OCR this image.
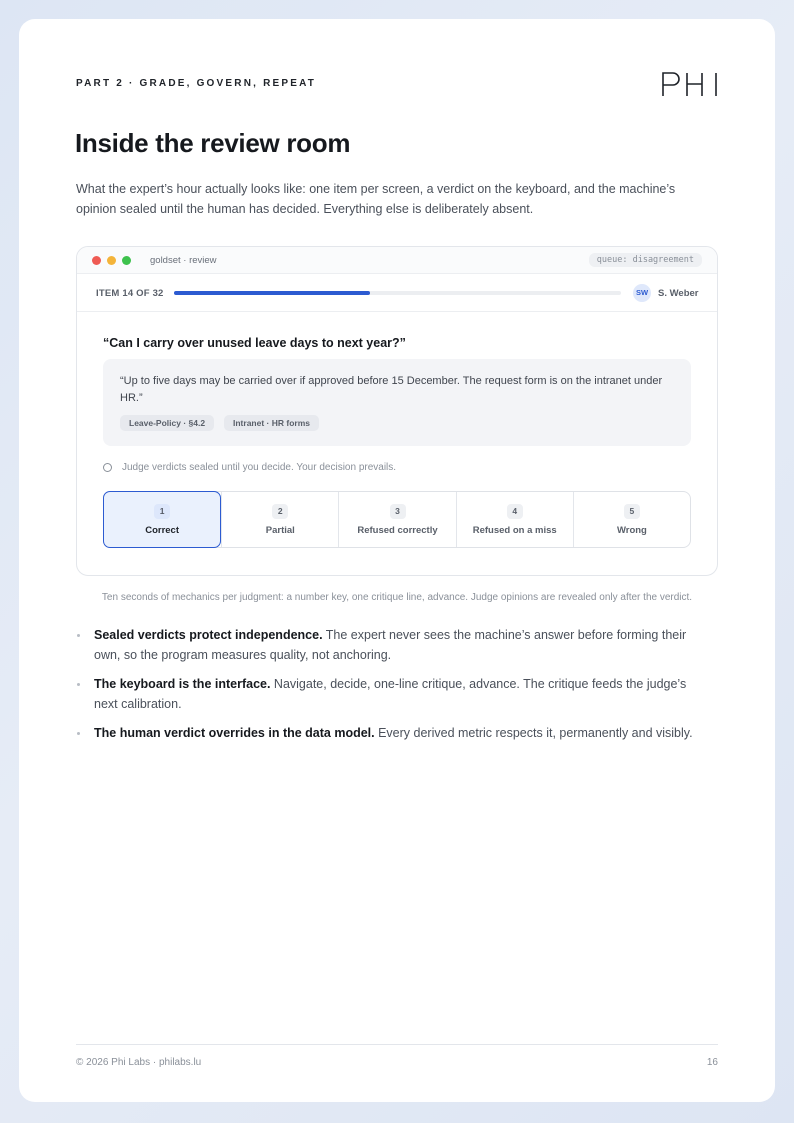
PART 2 · GRADE, GOVERN, REPEAT
Inside the review room

What the expert’s hour actually looks like: one item per screen, a verdict on the keyboard, and the machine’s opinion sealed until the human has decided. Everything else is deliberately absent.

goldset · review	queue: disagreement
ITEM 14 OF 32	SW	S. Weber
“Can I carry over unused leave days to next year?”
“Up to five days may be carried over if approved before 15 December. The request form is on the intranet under HR.”
Leave-Policy · §4.2	Intranet · HR forms
Judge verdicts sealed until you decide. Your decision prevails.
1
Correct
2
Partial
3
Refused correctly
4
Refused on a miss
5
Wrong
Ten seconds of mechanics per judgment: a number key, one critique line, advance. Judge opinions are revealed only after the verdict.
Sealed verdicts protect independence. The expert never sees the machine’s answer before forming their own, so the program measures quality, not anchoring.
The keyboard is the interface. Navigate, decide, one-line critique, advance. The critique feeds the judge’s next calibration.
The human verdict overrides in the data model. Every derived metric respects it, permanently and visibly.
© 2026 Phi Labs · philabs.lu	16
